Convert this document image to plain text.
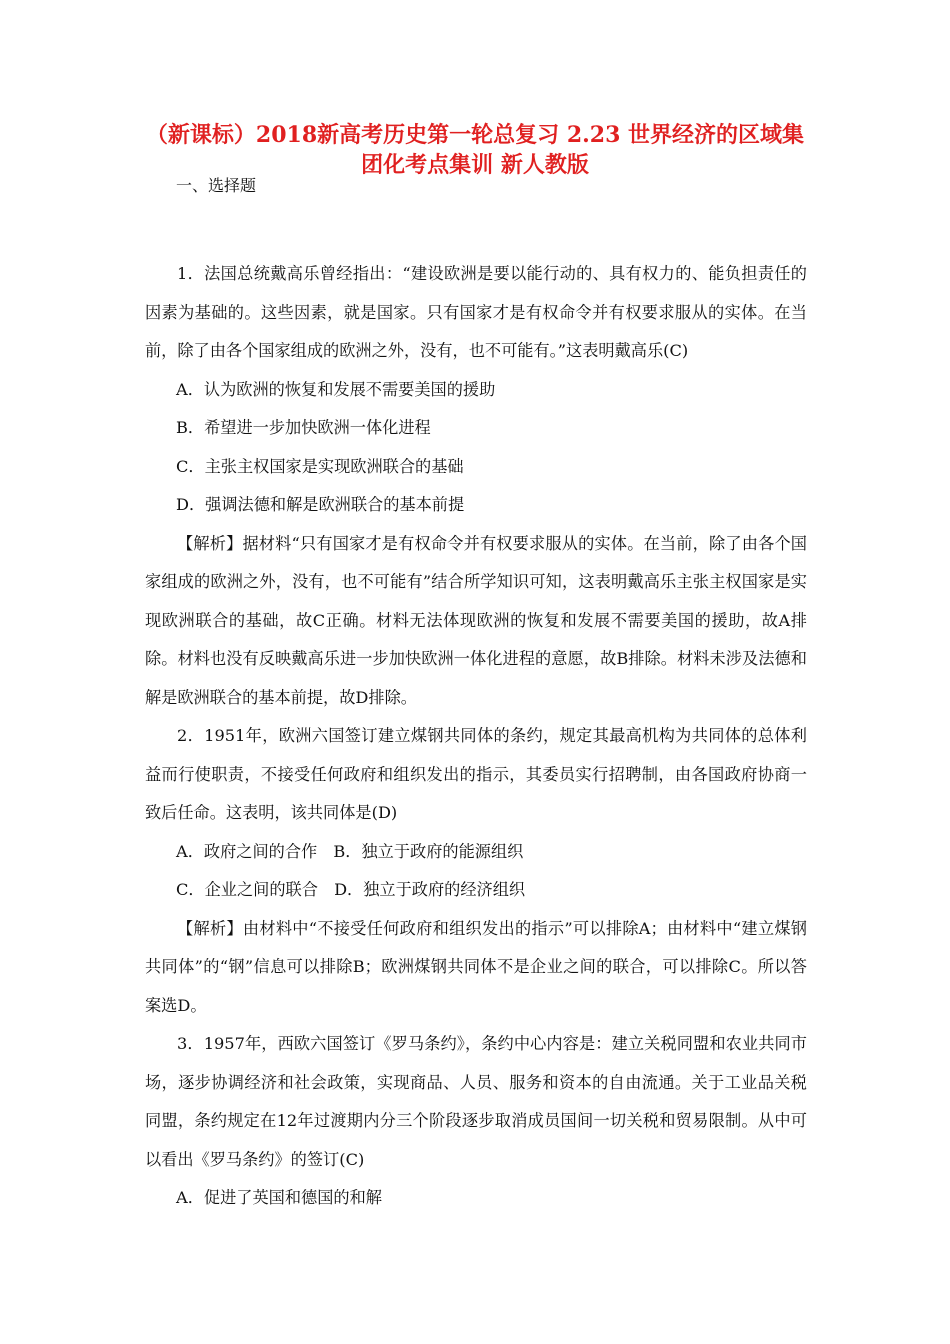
（新课标）2018新高考历史第一轮总复习 2.23 世界经济的区域集
团化考点集训 新人教版
一、选择题

1．法国总统戴高乐曾经指出：“建设欧洲是要以能行动的、具有权力的、能负担责任的因素为基础的。这些因素，就是国家。只有国家才是有权命令并有权要求服从的实体。在当前，除了由各个国家组成的欧洲之外，没有，也不可能有。”这表明戴高乐(C)

A．认为欧洲的恢复和发展不需要美国的援助

B．希望进一步加快欧洲一体化进程

C．主张主权国家是实现欧洲联合的基础

D．强调法德和解是欧洲联合的基本前提

【解析】据材料“只有国家才是有权命令并有权要求服从的实体。在当前，除了由各个国家组成的欧洲之外，没有，也不可能有”结合所学知识可知，这表明戴高乐主张主权国家是实现欧洲联合的基础，故C正确。材料无法体现欧洲的恢复和发展不需要美国的援助，故A排除。材料也没有反映戴高乐进一步加快欧洲一体化进程的意愿，故B排除。材料未涉及法德和解是欧洲联合的基本前提，故D排除。

2．1951年，欧洲六国签订建立煤钢共同体的条约，规定其最高机构为共同体的总体利益而行使职责，不接受任何政府和组织发出的指示，其委员实行招聘制，由各国政府协商一致后任命。这表明，该共同体是(D)

A．政府之间的合作　B．独立于政府的能源组织

C．企业之间的联合　D．独立于政府的经济组织

【解析】由材料中“不接受任何政府和组织发出的指示”可以排除A；由材料中“建立煤钢共同体”的“钢”信息可以排除B；欧洲煤钢共同体不是企业之间的联合，可以排除C。所以答案选D。

3．1957年，西欧六国签订《罗马条约》，条约中心内容是：建立关税同盟和农业共同市场，逐步协调经济和社会政策，实现商品、人员、服务和资本的自由流通。关于工业品关税同盟，条约规定在12年过渡期内分三个阶段逐步取消成员国间一切关税和贸易限制。从中可以看出《罗马条约》的签订(C)

A．促进了英国和德国的和解
